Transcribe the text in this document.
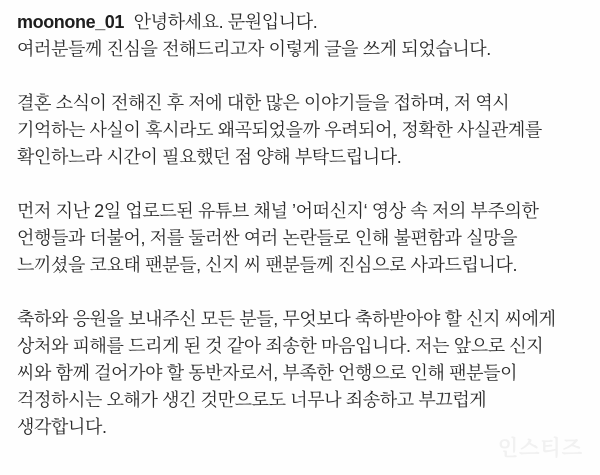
moonone_01 안녕하세요. 문원입니다.
여러분들께 진심을 전해드리고자 이렇게 글을 쓰게 되었습니다.

결혼 소식이 전해진 후 저에 대한 많은 이야기들을 접하며, 저 역시
기억하는 사실이 혹시라도 왜곡되었을까 우려되어, 정확한 사실관계를
확인하느라 시간이 필요했던 점 양해 부탁드립니다.

먼저 지난 2일 업로드된 유튜브 채널 ’어떠신지‘ 영상 속 저의 부주의한
언행들과 더불어, 저를 둘러싼 여러 논란들로 인해 불편함과 실망을
느끼셨을 코요태 팬분들, 신지 씨 팬분들께 진심으로 사과드립니다.

축하와 응원을 보내주신 모든 분들, 무엇보다 축하받아야 할 신지 씨에게
상처와 피해를 드리게 된 것 같아 죄송한 마음입니다. 저는 앞으로 신지
씨와 함께 걸어가야 할 동반자로서, 부족한 언행으로 인해 팬분들이
걱정하시는 오해가 생긴 것만으로도 너무나 죄송하고 부끄럽게
생각합니다.

인스티즈
